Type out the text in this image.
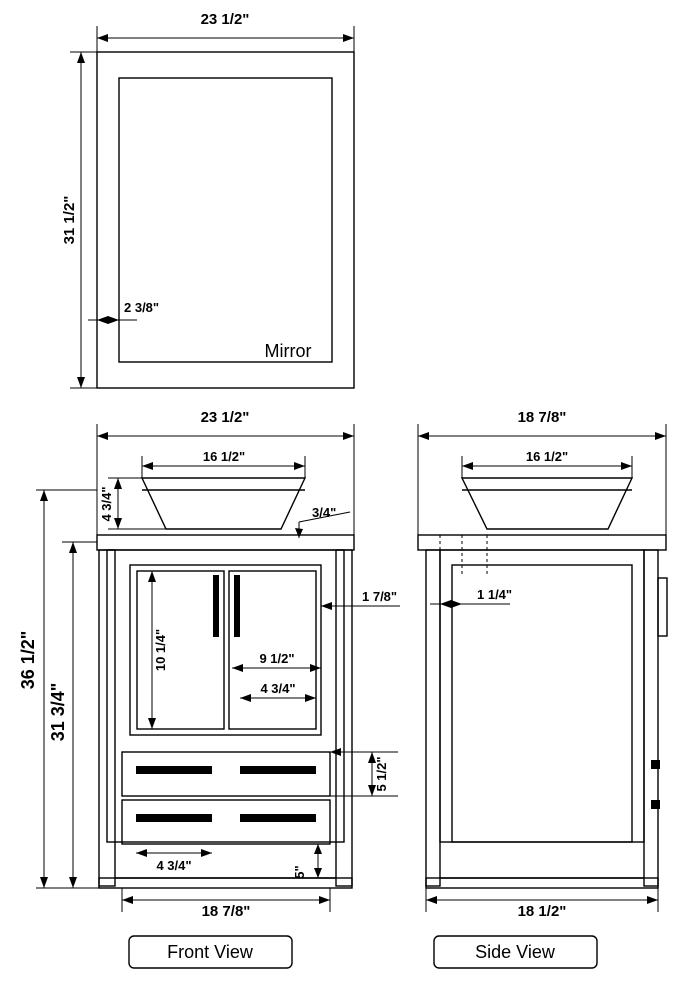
23 1/2"
31 1/2"
2 3/8"
Mirror
23 1/2"
16 1/2"
4 3/4"	3/4"
1 7/8"
10 1/4"	9 1/2"
4 3/4"
5 1/2"
4 3/4"	5"
18 7/8"
36 1/2"
31 3/4"
18 7/8"
16 1/2"
1 1/4"
18 1/2"
Front View	Side View
